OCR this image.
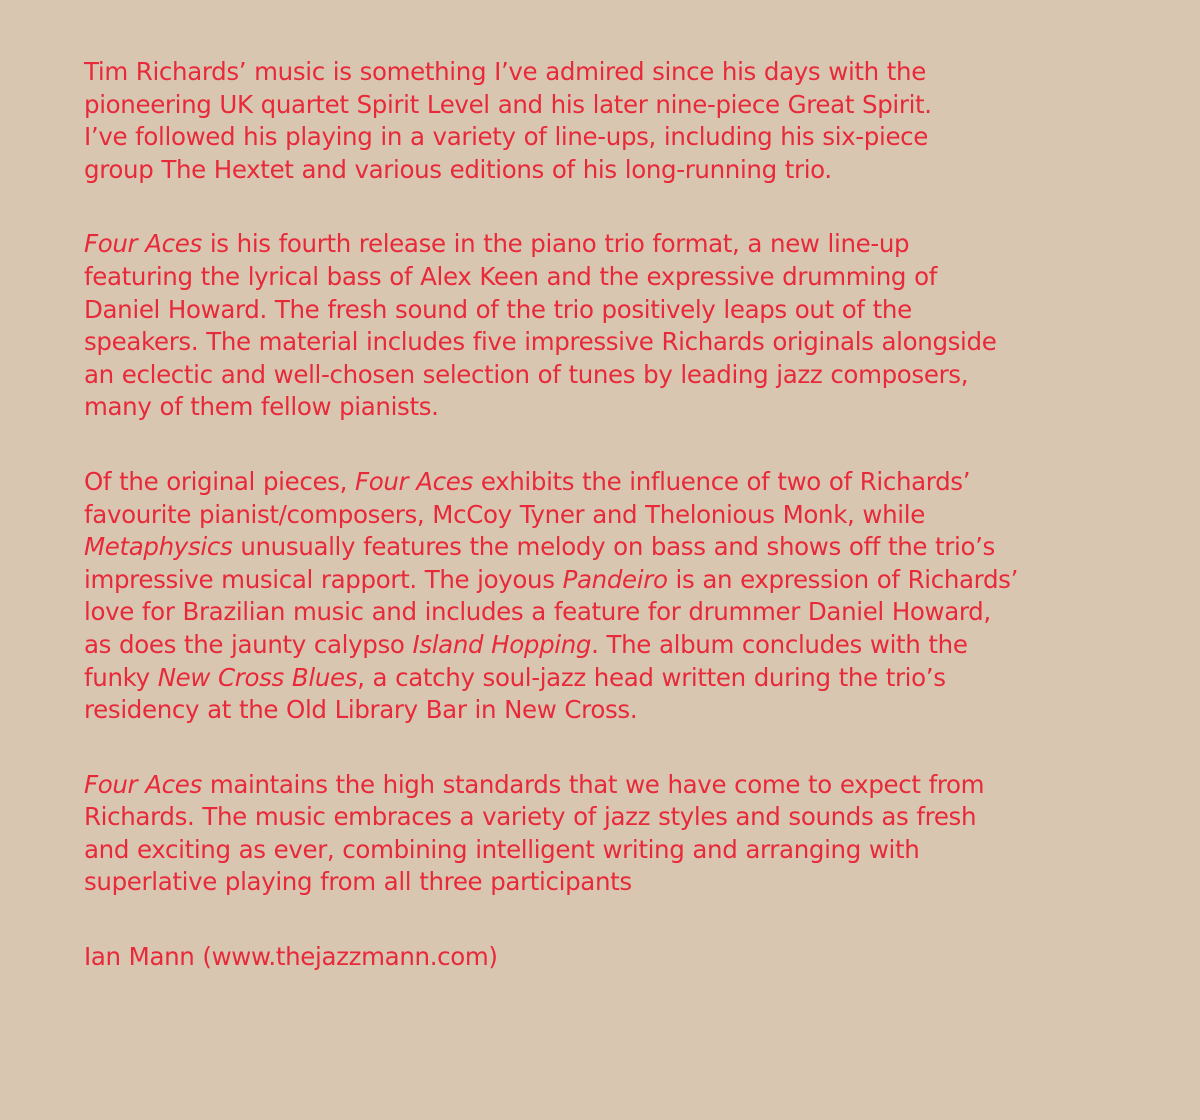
Tim Richards’ music is something I’ve admired since his days with the
pioneering UK quartet Spirit Level and his later nine-piece Great Spirit.
I’ve followed his playing in a variety of line-ups, including his six-piece
group The Hextet and various editions of his long-running trio.

Four Aces is his fourth release in the piano trio format, a new line-up
featuring the lyrical bass of Alex Keen and the expressive drumming of
Daniel Howard. The fresh sound of the trio positively leaps out of the
speakers. The material includes five impressive Richards originals alongside
an eclectic and well-chosen selection of tunes by leading jazz composers,
many of them fellow pianists.

Of the original pieces, Four Aces exhibits the influence of two of Richards’
favourite pianist/composers, McCoy Tyner and Thelonious Monk, while
Metaphysics unusually features the melody on bass and shows off the trio’s
impressive musical rapport. The joyous Pandeiro is an expression of Richards’
love for Brazilian music and includes a feature for drummer Daniel Howard,
as does the jaunty calypso Island Hopping. The album concludes with the
funky New Cross Blues, a catchy soul-jazz head written during the trio’s
residency at the Old Library Bar in New Cross.

Four Aces maintains the high standards that we have come to expect from
Richards. The music embraces a variety of jazz styles and sounds as fresh
and exciting as ever, combining intelligent writing and arranging with
superlative playing from all three participants

Ian Mann (www.thejazzmann.com)
